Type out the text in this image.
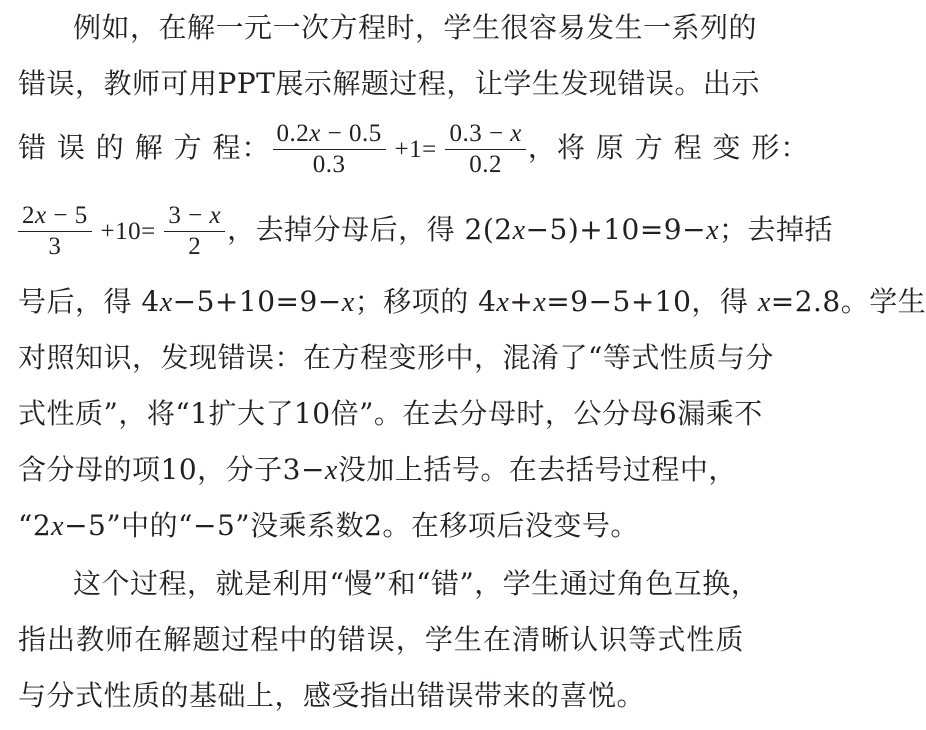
例如，在解一元一次方程时，学生很容易发生一系列的
错误，教师可用PPT展示解题过程，让学生发现错误。出示
错 误 的 解 方 程： $\frac{0.2x - 0.5}{0.3} +1= \frac{0.3 - x}{0.2}$ ，将 原 方 程 变 形：
$\frac{2x - 5}{3} +10= \frac{3 - x}{2}$ ，去掉分母后，得 2(2x−5)+10=9−x；去掉括
号后，得 4x−5+10=9−x；移项的 4x+x=9−5+10，得 x=2.8。学生
对照知识，发现错误：在方程变形中，混淆了“等式性质与分
式性质”，将“1扩大了10倍”。在去分母时，公分母6漏乘不
含分母的项10，分子3−x没加上括号。在去括号过程中，
“2x−5”中的“−5”没乘系数2。在移项后没变号。
这个过程，就是利用“慢”和“错”，学生通过角色互换，
指出教师在解题过程中的错误，学生在清晰认识等式性质
与分式性质的基础上，感受指出错误带来的喜悦。
